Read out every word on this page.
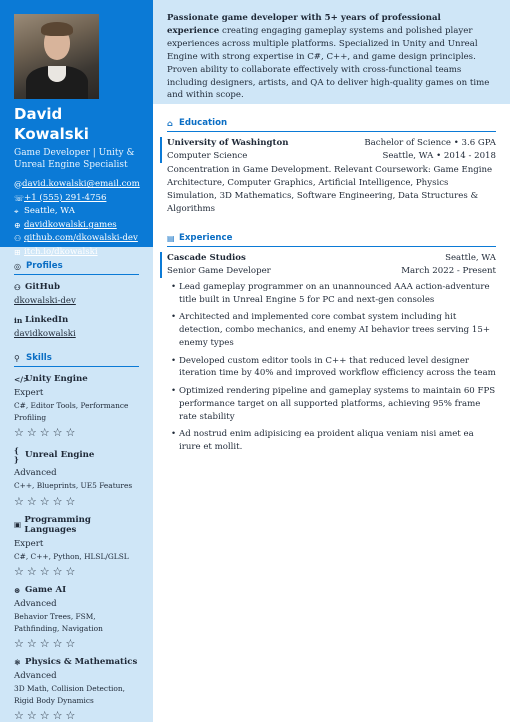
David Kowalski
Game Developer | Unity & Unreal Engine Specialist
@ david.kowalski@email.com
☏ +1 (555) 291-4756
⌖ Seattle, WA
⊕ davidkowalski.games
⚇ github.com/dkowalski-dev
⊞ itch.io/dkowalski
◎ Profiles
⚇ GitHub
dkowalski-dev
in LinkedIn
davidkowalski
⚲ Skills
</>
Unity Engine
Expert
C#, Editor Tools, Performance Profiling
☆ ☆ ☆ ☆ ☆
{ } Unreal Engine
Advanced
C++, Blueprints, UE5 Features
☆ ☆ ☆ ☆ ☆
▣ Programming Languages
Expert
C#, C++, Python, HLSL/GLSL
☆ ☆ ☆ ☆ ☆
⊛ Game AI
Advanced
Behavior Trees, FSM, Pathfinding, Navigation
☆ ☆ ☆ ☆ ☆
⚛ Physics & Mathematics
Advanced
3D Math, Collision Detection, Rigid Body Dynamics
☆ ☆ ☆ ☆ ☆
Passionate game developer with 5+ years of professional experience creating engaging gameplay systems and polished player experiences across multiple platforms. Specialized in Unity and Unreal Engine with strong expertise in C#, C++, and game design principles. Proven ability to collaborate effectively with cross-functional teams including designers, artists, and QA to deliver high-quality games on time and within scope.
⌂ Education
University of Washington	Bachelor of Science • 3.6 GPA
Computer Science	Seattle, WA • 2014 - 2018
Concentration in Game Development. Relevant Coursework: Game Engine Architecture, Computer Graphics, Artificial Intelligence, Physics Simulation, 3D Mathematics, Software Engineering, Data Structures & Algorithms
▤ Experience
Cascade Studios	Seattle, WA
Senior Game Developer	March 2022 - Present
• Lead gameplay programmer on an unannounced AAA action-adventure title built in Unreal Engine 5 for PC and next-gen consoles
• Architected and implemented core combat system including hit detection, combo mechanics, and enemy AI behavior trees serving 15+ enemy types
• Developed custom editor tools in C++ that reduced level designer iteration time by 40% and improved workflow efficiency across the team
• Optimized rendering pipeline and gameplay systems to maintain 60 FPS performance target on all supported platforms, achieving 95% frame rate stability
• Ad nostrud enim adipisicing ea proident aliqua veniam nisi amet ea irure et mollit.
